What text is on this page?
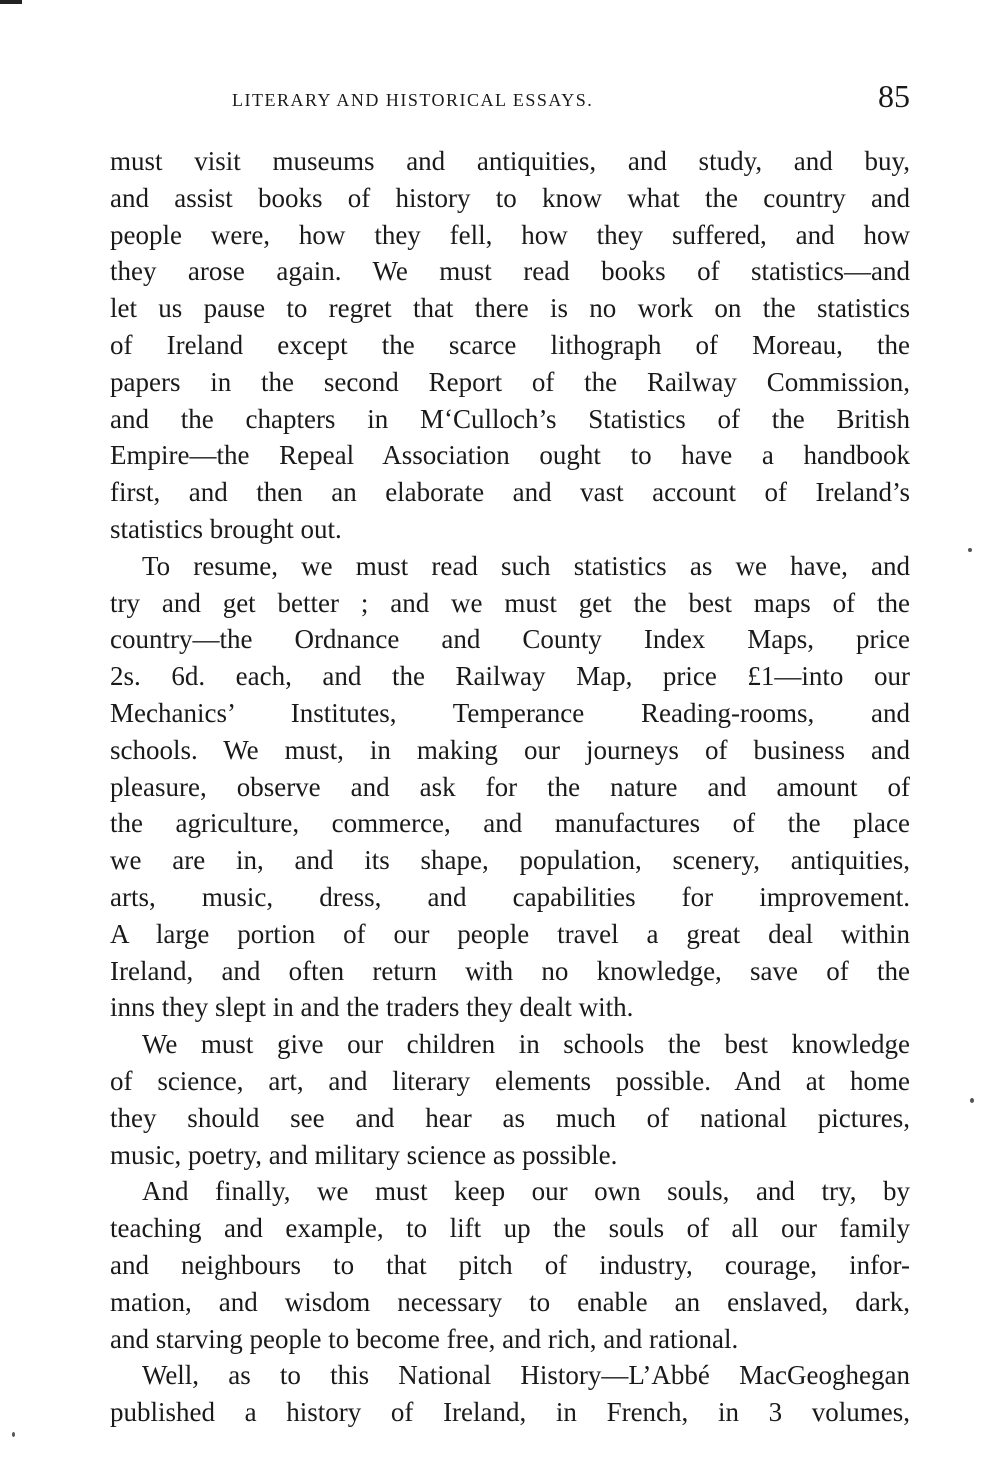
LITERARY AND HISTORICAL ESSAYS.	85
must visit museums and antiquities, and study, and buy,
and assist books of history to know what the country and
people were, how they fell, how they suffered, and how
they arose again. We must read books of statistics—and
let us pause to regret that there is no work on the statistics
of Ireland except the scarce lithograph of Moreau, the
papers in the second Report of the Railway Commission,
and the chapters in M‘Culloch’s Statistics of the British
Empire—the Repeal Association ought to have a handbook
first, and then an elaborate and vast account of Ireland’s
statistics brought out.
To resume, we must read such statistics as we have, and
try and get better ; and we must get the best maps of the
country—the Ordnance and County Index Maps, price
2s. 6d. each, and the Railway Map, price £1—into our
Mechanics’ Institutes, Temperance Reading-rooms, and
schools. We must, in making our journeys of business and
pleasure, observe and ask for the nature and amount of
the agriculture, commerce, and manufactures of the place
we are in, and its shape, population, scenery, antiquities,
arts, music, dress, and capabilities for improvement.
A large portion of our people travel a great deal within
Ireland, and often return with no knowledge, save of the
inns they slept in and the traders they dealt with.
We must give our children in schools the best knowledge
of science, art, and literary elements possible. And at home
they should see and hear as much of national pictures,
music, poetry, and military science as possible.
And finally, we must keep our own souls, and try, by
teaching and example, to lift up the souls of all our family
and neighbours to that pitch of industry, courage, infor-
mation, and wisdom necessary to enable an enslaved, dark,
and starving people to become free, and rich, and rational.
Well, as to this National History—L’Abbé MacGeoghegan
published a history of Ireland, in French, in 3 volumes,
